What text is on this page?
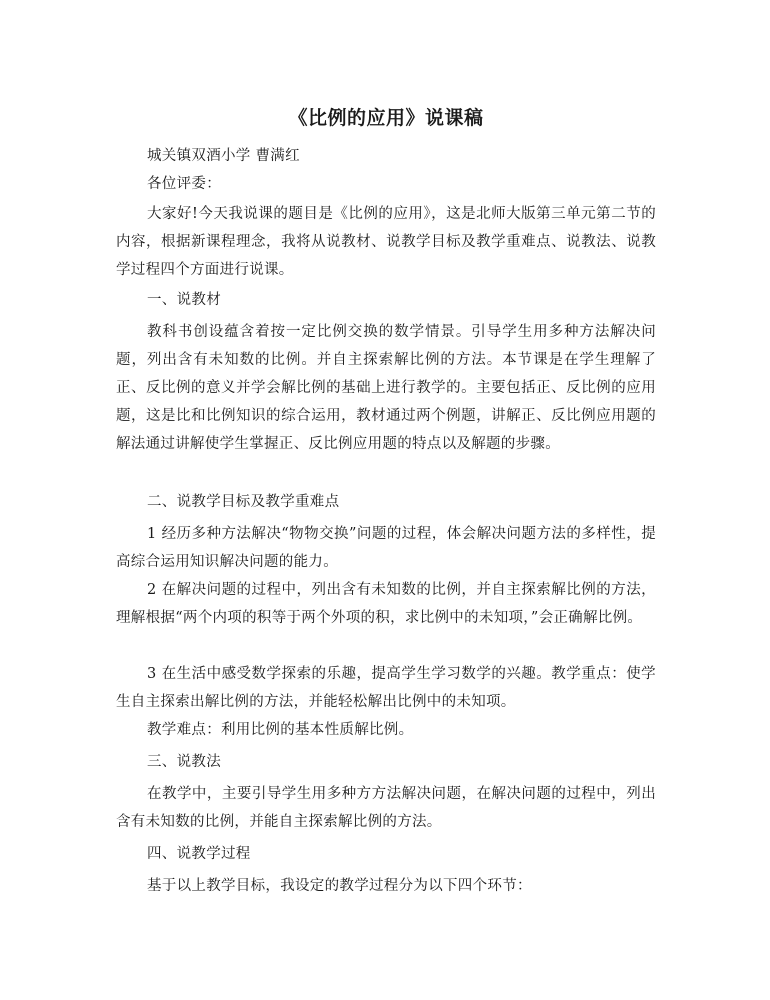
《比例的应用》说课稿
城关镇双酒小学 曹满红
各位评委：
大家好!今天我说课的题目是《比例的应用》，这是北师大版第三单元第二节的内容，根据新课程理念，我将从说教材、说教学目标及教学重难点、说教法、说教学过程四个方面进行说课。
一、说教材
教科书创设蕴含着按一定比例交换的数学情景。引导学生用多种方法解决问题，列出含有未知数的比例。并自主探索解比例的方法。本节课是在学生理解了正、反比例的意义并学会解比例的基础上进行教学的。主要包括正、反比例的应用题，这是比和比例知识的综合运用，教材通过两个例题，讲解正、反比例应用题的解法通过讲解使学生掌握正、反比例应用题的特点以及解题的步骤。
二、说教学目标及教学重难点
1 经历多种方法解决“物物交换”问题的过程，体会解决问题方法的多样性，提高综合运用知识解决问题的能力。
2 在解决问题的过程中，列出含有未知数的比例，并自主探索解比例的方法，理解根据“两个内项的积等于两个外项的积，求比例中的未知项，”会正确解比例。
3 在生活中感受数学探索的乐趣，提高学生学习数学的兴趣。教学重点：使学生自主探索出解比例的方法，并能轻松解出比例中的未知项。
教学难点：利用比例的基本性质解比例。
三、说教法
在教学中，主要引导学生用多种方方法解决问题，在解决问题的过程中，列出含有未知数的比例，并能自主探索解比例的方法。
四、说教学过程
基于以上教学目标，我设定的教学过程分为以下四个环节：
